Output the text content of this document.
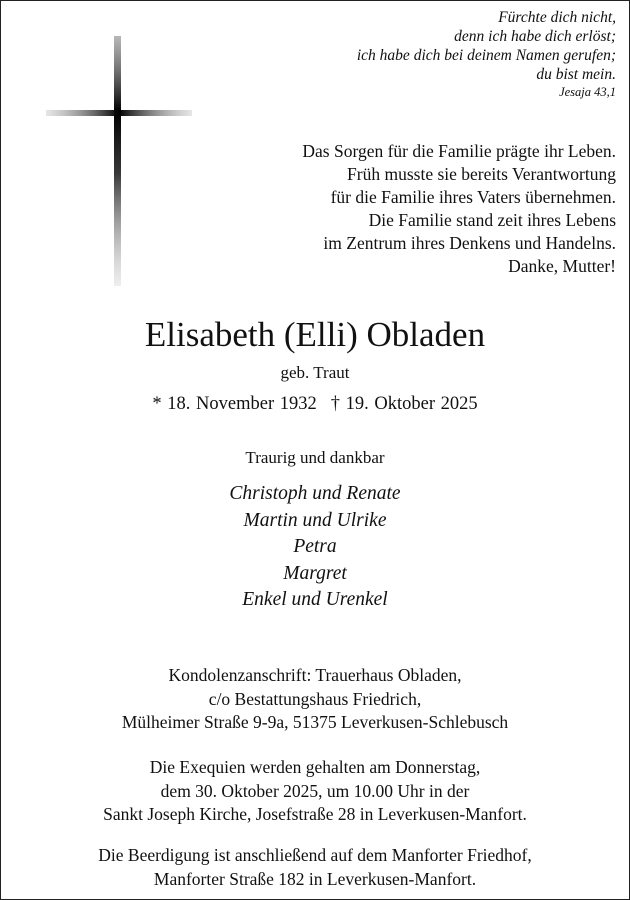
Fürchte dich nicht,
denn ich habe dich erlöst;
ich habe dich bei deinem Namen gerufen;
du bist mein.
Jesaja 43,1
Das Sorgen für die Familie prägte ihr Leben.
Früh musste sie bereits Verantwortung
für die Familie ihres Vaters übernehmen.
Die Familie stand zeit ihres Lebens
im Zentrum ihres Denkens und Handelns.
Danke, Mutter!
Elisabeth (Elli) Obladen
geb. Traut
* 18. November 1932 † 19. Oktober 2025
Traurig und dankbar
Christoph und Renate
Martin und Ulrike
Petra
Margret
Enkel und Urenkel
Kondolenzanschrift: Trauerhaus Obladen,
c/o Bestattungshaus Friedrich,
Mülheimer Straße 9-9a, 51375 Leverkusen-Schlebusch
Die Exequien werden gehalten am Donnerstag,
dem 30. Oktober 2025, um 10.00 Uhr in der
Sankt Joseph Kirche, Josefstraße 28 in Leverkusen-Manfort.
Die Beerdigung ist anschließend auf dem Manforter Friedhof,
Manforter Straße 182 in Leverkusen-Manfort.
